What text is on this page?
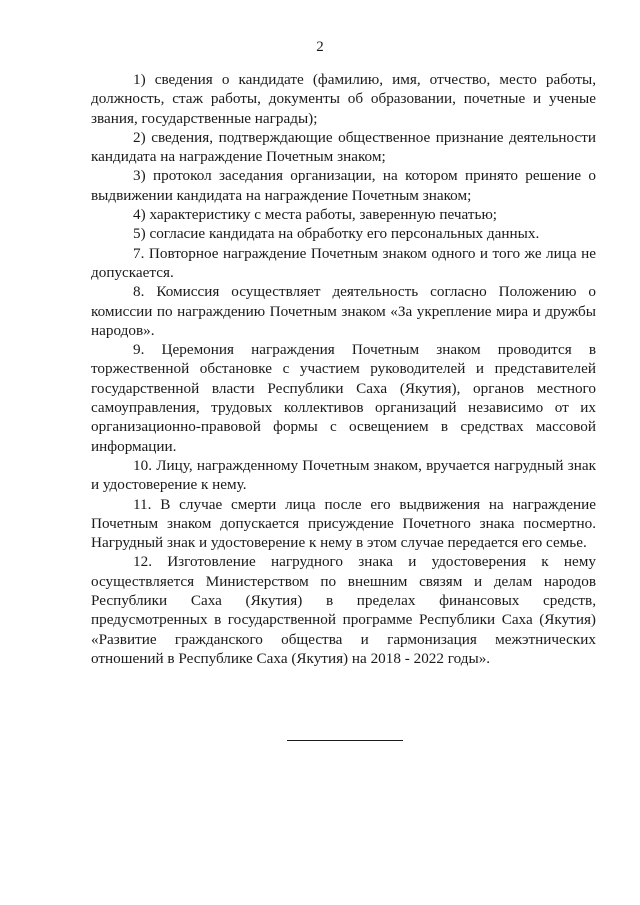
2

1) сведения о кандидате (фамилию, имя, отчество, место работы, должность, стаж работы, документы об образовании, почетные и ученые звания, государственные награды);

2) сведения, подтверждающие общественное признание деятельности кандидата на награждение Почетным знаком;

3) протокол заседания организации, на котором принято решение о выдвижении кандидата на награждение Почетным знаком;

4) характеристику с места работы, заверенную печатью;

5) согласие кандидата на обработку его персональных данных.

7. Повторное награждение Почетным знаком одного и того же лица не допускается.

8. Комиссия осуществляет деятельность согласно Положению о комиссии по награждению Почетным знаком «За укрепление мира и дружбы народов».

9. Церемония награждения Почетным знаком проводится в торжественной обстановке с участием руководителей и представителей государственной власти Республики Саха (Якутия), органов местного самоуправления, трудовых коллективов организаций независимо от их организационно-правовой формы с освещением в средствах массовой информации.

10. Лицу, награжденному Почетным знаком, вручается нагрудный знак и удостоверение к нему.

11. В случае смерти лица после его выдвижения на награждение Почетным знаком допускается присуждение Почетного знака посмертно. Нагрудный знак и удостоверение к нему в этом случае передается его семье.

12. Изготовление нагрудного знака и удостоверения к нему осуществляется Министерством по внешним связям и делам народов Республики Саха (Якутия) в пределах финансовых средств, предусмотренных в государственной программе Республики Саха (Якутия) «Развитие гражданского общества и гармонизация межэтнических отношений в Республике Саха (Якутия) на 2018 - 2022 годы».
